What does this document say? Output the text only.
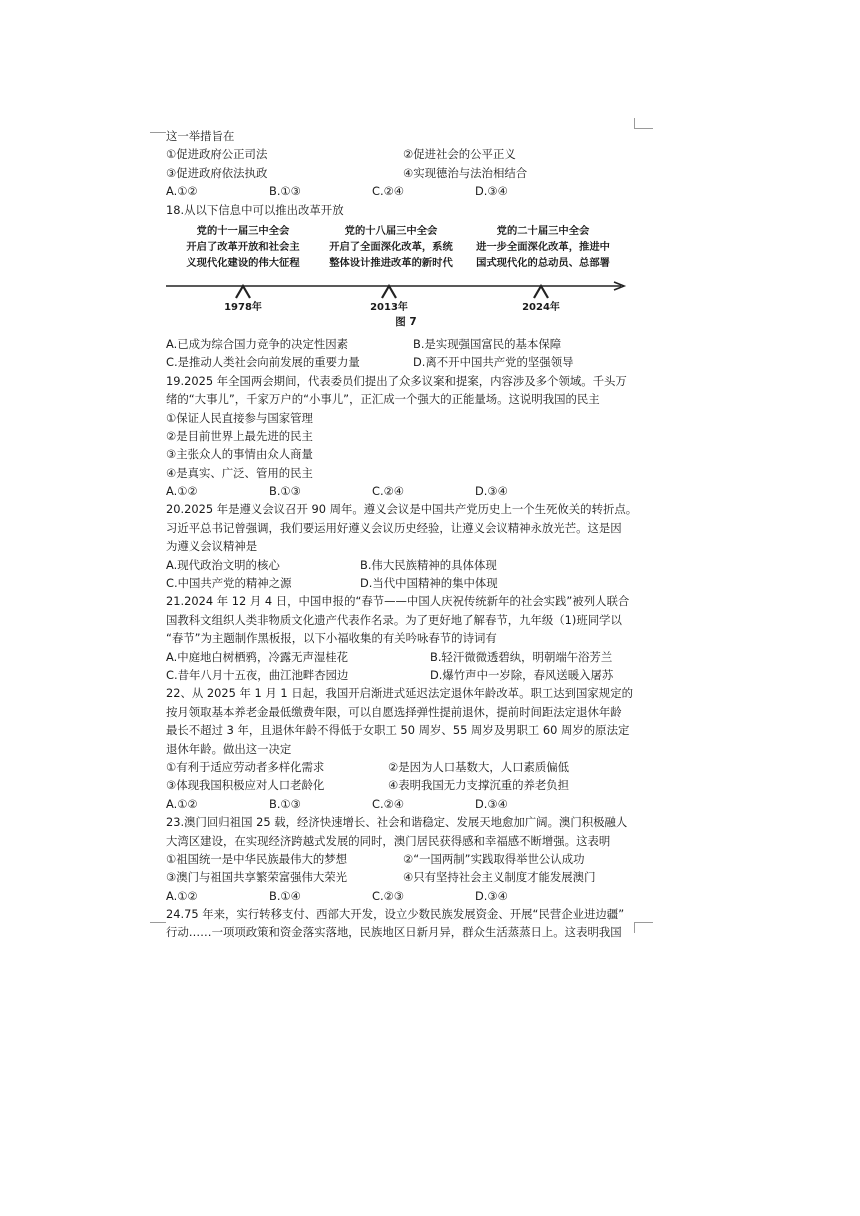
这一举措旨在
①促进政府公正司法	②促进社会的公平正义
③促进政府依法执政	④实现德治与法治相结合
A.①②	B.①③	C.②④	D.③④
18.从以下信息中可以推出改革开放
党的十一届三中全会
开启了改革开放和社会主
义现代化建设的伟大征程
党的十八届三中全会
开启了全面深化改革，系统
整体设计推进改革的新时代
党的二十届三中全会
进一步全面深化改革，推进中
国式现代化的总动员、总部署
1978年	2013年	2024年
图 7
A.已成为综合国力竞争的决定性因素	B.是实现强国富民的基本保障
C.是推动人类社会向前发展的重要力量	D.离不开中国共产党的坚强领导
19.2025 年全国两会期间，代表委员们提出了众多议案和提案，内容涉及多个领域。千头万
绪的“大事儿”，千家万户的“小事儿”，正汇成一个强大的正能量场。这说明我国的民主
①保证人民直接参与国家管理
②是目前世界上最先进的民主
③主张众人的事情由众人商量
④是真实、广泛、管用的民主
A.①②	B.①③	C.②④	D.③④
20.2025 年是遵义会议召开 90 周年。遵义会议是中国共产党历史上一个生死攸关的转折点。
习近平总书记曾强调，我们要运用好遵义会议历史经验，让遵义会议精神永放光芒。这是因
为遵义会议精神是
A.现代政治文明的核心	B.伟大民族精神的具体体现
C.中国共产党的精神之源	D.当代中国精神的集中体现
21.2024 年 12 月 4 日，中国申报的“春节——中国人庆祝传统新年的社会实践”被列人联合
国教科文组织人类非物质文化遗产代表作名录。为了更好地了解春节，九年级（1)班同学以
“春节”为主题制作黑板报，以下小福收集的有关吟咏春节的诗词有
A.中庭地白树栖鸦，冷露无声湿桂花	B.轻汗微微透碧纨，明朝端午浴芳兰
C.昔年八月十五夜，曲江池畔杏园边	D.爆竹声中一岁除，春风送暖入屠苏
22、从 2025 年 1 月 1 日起，我国开启渐进式延迟法定退休年龄改革。职工达到国家规定的
按月领取基本养老金最低缴费年限，可以自愿选择弹性提前退休，提前时间距法定退休年龄
最长不超过 3 年，且退休年龄不得低于女职工 50 周岁、55 周岁及男职工 60 周岁的原法定
退休年龄。做出这一决定
①有利于适应劳动者多样化需求	②是因为人口基数大，人口素质偏低
③体现我国积极应对人口老龄化	④表明我国无力支撑沉重的养老负担
A.①②	B.①③	C.②④	D.③④
23.澳门回归祖国 25 载，经济快速增长、社会和谐稳定、发展天地愈加广阔。澳门积极融人
大湾区建设，在实现经济跨越式发展的同时，澳门居民获得感和幸福感不断增强。这表明
①祖国统一是中华民族最伟大的梦想	②“一国两制”实践取得举世公认成功
③澳门与祖国共享繁荣富强伟大荣光	④只有坚持社会主义制度才能发展澳门
A.①②	B.①④	C.②③	D.③④
24.75 年来，实行转移支付、西部大开发，设立少数民族发展资金、开展“民营企业进边疆”
行动……一项项政策和资金落实落地，民族地区日新月异，群众生活蒸蒸日上。这表明我国
